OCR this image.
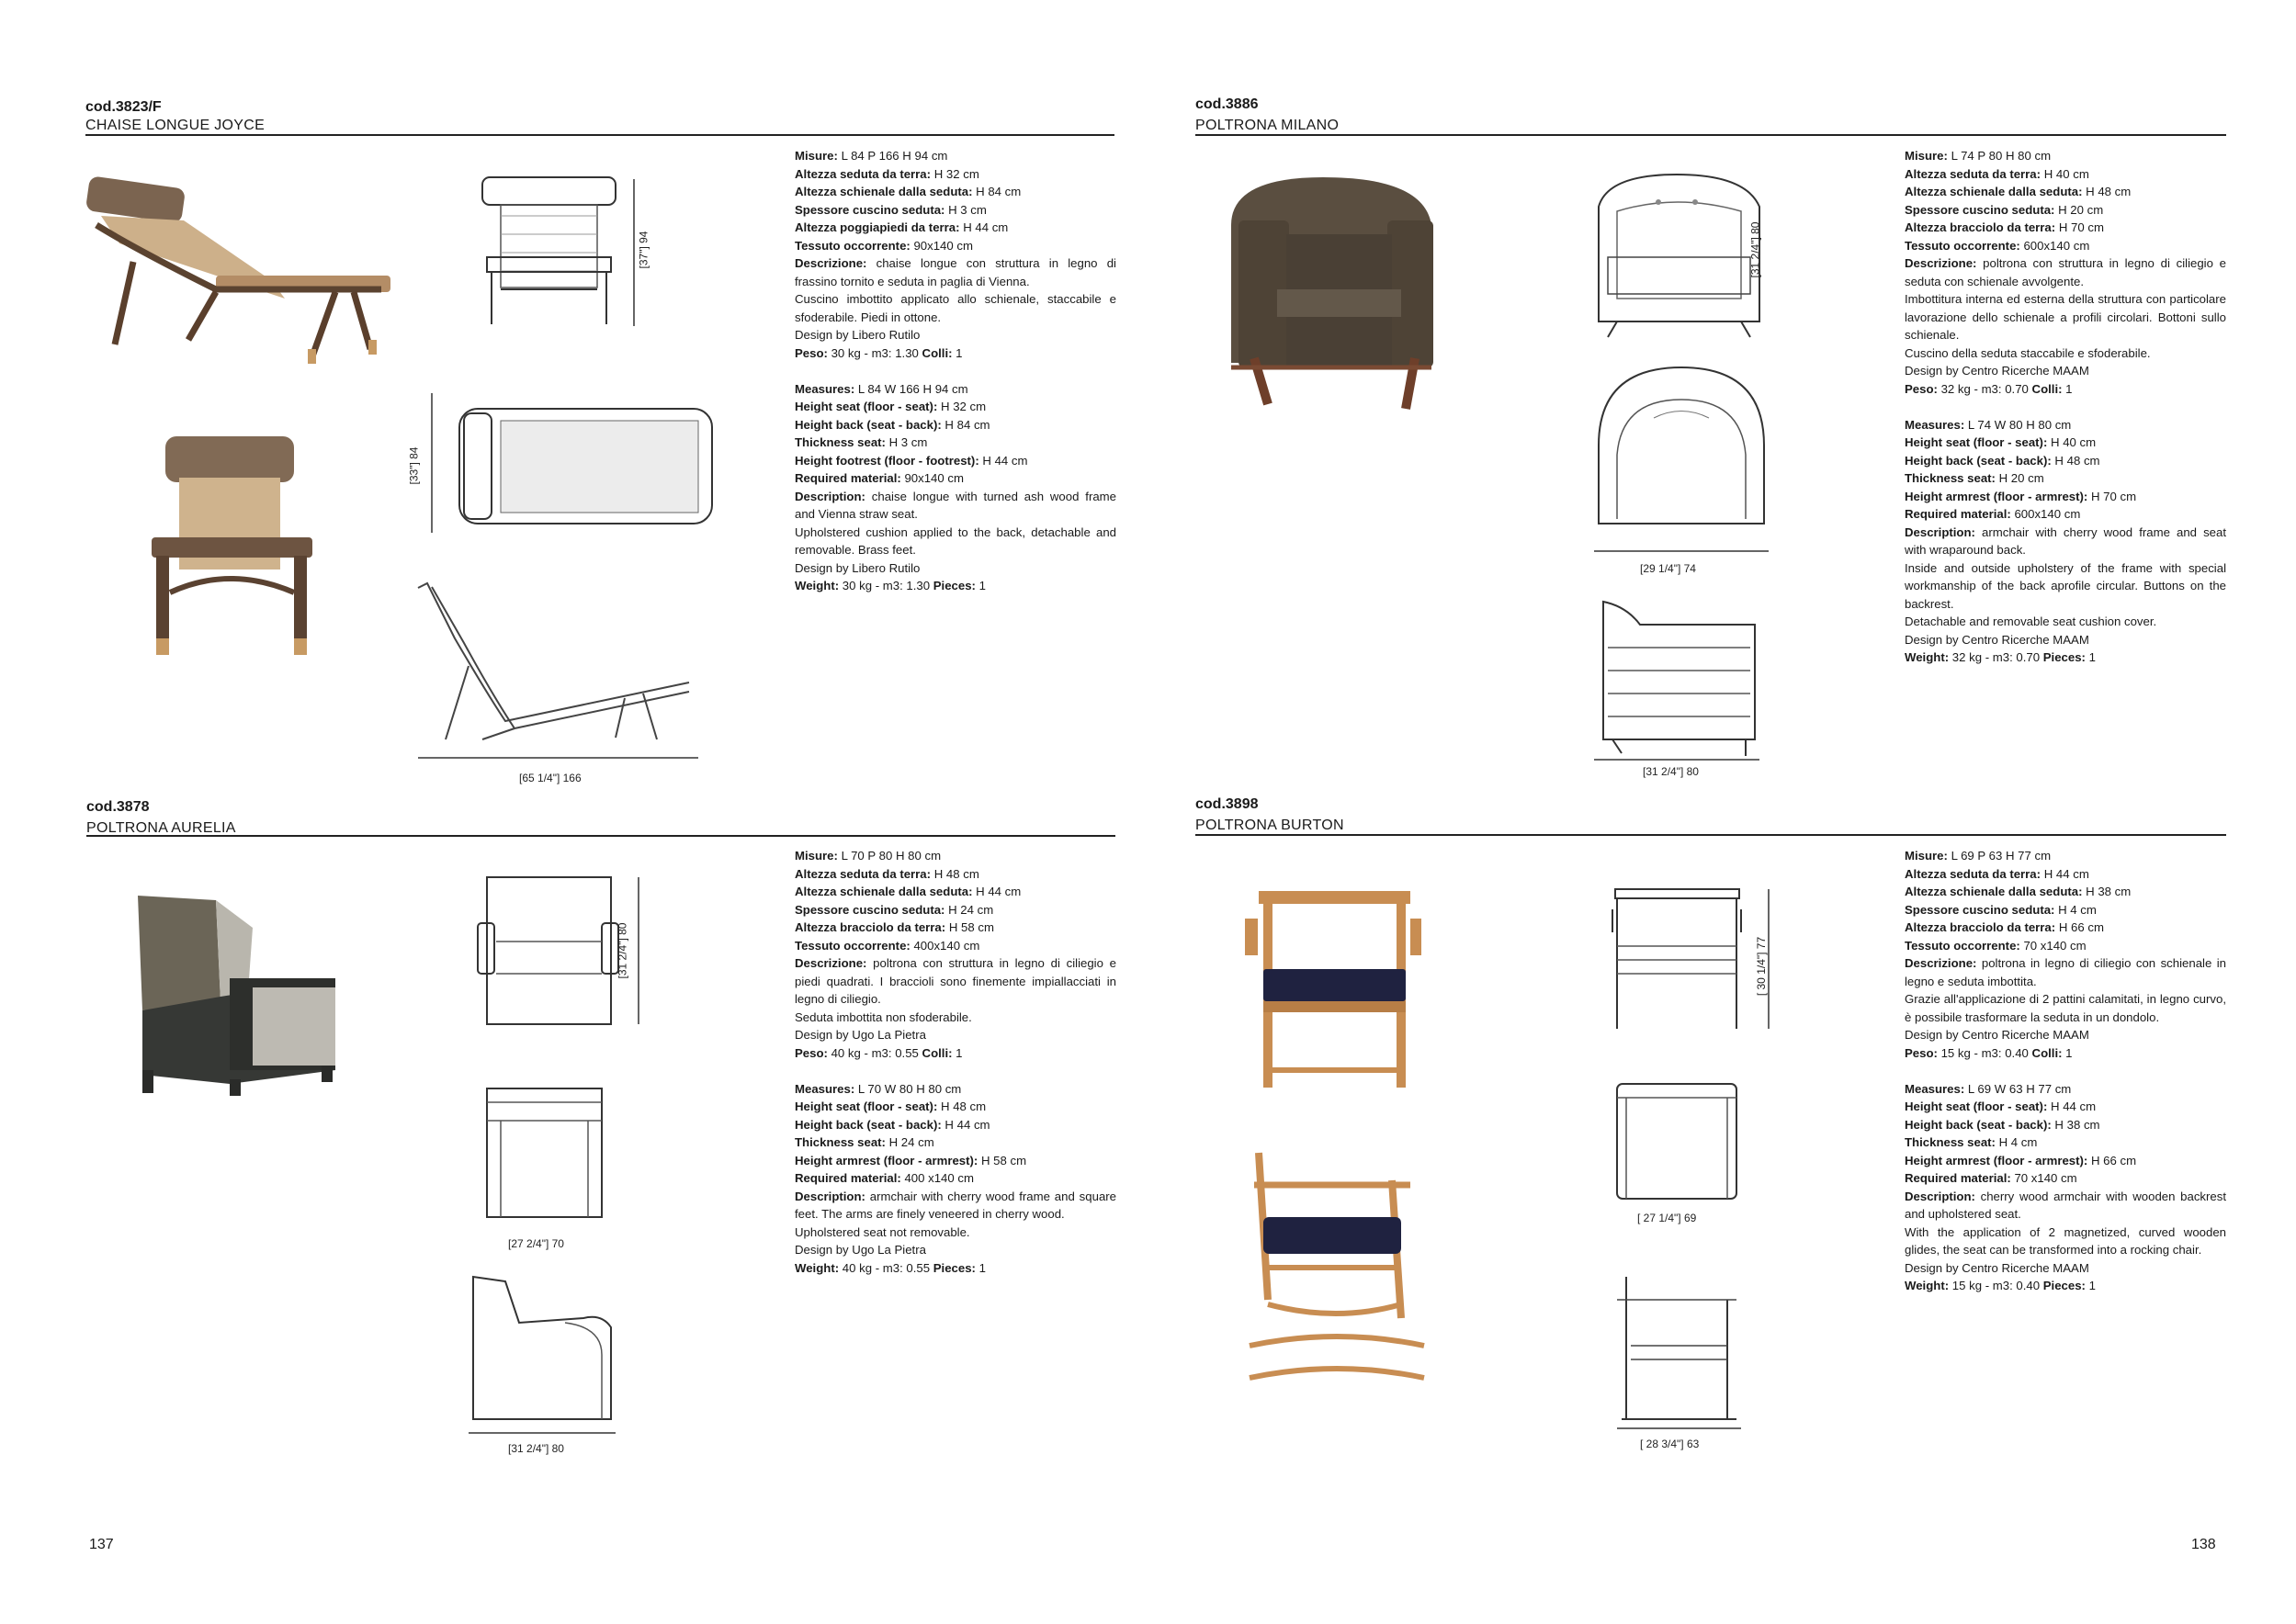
cod.3823/F
CHAISE LONGUE JOYCE
[37"] 94
[33"] 84
[65 1/4"] 166
Misure: L 84 P 166 H 94 cm
Altezza seduta da terra: H 32 cm
Altezza schienale dalla seduta: H 84 cm
Spessore cuscino seduta: H 3 cm
Altezza poggiapiedi da terra: H 44 cm
Tessuto occorrente: 90x140 cm
Descrizione: chaise longue con struttura in legno di frassino tornito e seduta in paglia di Vienna.
Cuscino imbottito applicato allo schienale, staccabile e sfoderabile. Piedi in ottone.
Design by Libero Rutilo
Peso: 30 kg - m3: 1.30 Colli: 1
Measures: L 84 W 166 H 94 cm
Height seat (floor - seat): H 32 cm
Height back (seat - back): H 84 cm
Thickness seat: H 3 cm
Height footrest (floor - footrest): H 44 cm
Required material: 90x140 cm
Description: chaise longue with turned ash wood frame and Vienna straw seat.
Upholstered cushion applied to the back, detachable and removable. Brass feet.
Design by Libero Rutilo
Weight: 30 kg - m3: 1.30 Pieces: 1
cod.3886
POLTRONA MILANO
[31 2/4"] 80
[29 1/4"] 74
[31 2/4"] 80
Misure: L 74 P 80 H 80 cm
Altezza seduta da terra: H 40 cm
Altezza schienale dalla seduta: H 48 cm
Spessore cuscino seduta: H 20 cm
Altezza bracciolo da terra: H 70 cm
Tessuto occorrente: 600x140 cm
Descrizione: poltrona con struttura in legno di ciliegio e seduta con schienale avvolgente.
Imbottitura interna ed esterna della struttura con particolare lavorazione dello schienale a profili circolari. Bottoni sullo schienale.
Cuscino della seduta staccabile e sfoderabile.
Design by Centro Ricerche MAAM
Peso: 32 kg - m3: 0.70 Colli: 1
Measures: L 74 W 80 H 80 cm
Height seat (floor - seat): H 40 cm
Height back (seat - back): H 48 cm
Thickness seat: H 20 cm
Height armrest (floor - armrest): H 70 cm
Required material: 600x140 cm
Description: armchair with cherry wood frame and seat with wraparound back.
Inside and outside upholstery of the frame with special workmanship of the back aprofile circular. Buttons on the backrest.
Detachable and removable seat cushion cover.
Design by Centro Ricerche MAAM
Weight: 32 kg - m3: 0.70 Pieces: 1
cod.3878
POLTRONA AURELIA
[31 2/4"] 80
[27 2/4"] 70
[31 2/4"] 80
Misure: L 70 P 80 H 80 cm
Altezza seduta da terra: H 48 cm
Altezza schienale dalla seduta: H 44 cm
Spessore cuscino seduta: H 24 cm
Altezza bracciolo da terra: H 58 cm
Tessuto occorrente: 400x140 cm
Descrizione: poltrona con struttura in legno di ciliegio e piedi quadrati. I braccioli sono finemente impiallacciati in legno di ciliegio.
Seduta imbottita non sfoderabile.
Design by Ugo La Pietra
Peso: 40 kg - m3: 0.55 Colli: 1
Measures: L 70 W 80 H 80 cm
Height seat (floor - seat): H 48 cm
Height back (seat - back): H 44 cm
Thickness seat: H 24 cm
Height armrest (floor - armrest): H 58 cm
Required material: 400 x140 cm
Description: armchair with cherry wood frame and square feet. The arms are finely veneered in cherry wood.
Upholstered seat not removable.
Design by Ugo La Pietra
Weight: 40 kg - m3: 0.55 Pieces: 1
cod.3898
POLTRONA BURTON
[ 30 1/4"] 77
[ 27 1/4"] 69
[ 28 3/4"] 63
Misure: L 69 P 63 H 77 cm
Altezza seduta da terra: H 44 cm
Altezza schienale dalla seduta: H 38 cm
Spessore cuscino seduta: H 4 cm
Altezza bracciolo da terra: H 66 cm
Tessuto occorrente: 70 x140 cm
Descrizione: poltrona in legno di ciliegio con schienale in legno e seduta imbottita.
Grazie all'applicazione di 2 pattini calamitati, in legno curvo, è possibile trasformare la seduta in un dondolo.
Design by Centro Ricerche MAAM
Peso: 15 kg - m3: 0.40 Colli: 1
Measures: L 69 W 63 H 77 cm
Height seat (floor - seat): H 44 cm
Height back (seat - back): H 38 cm
Thickness seat: H 4 cm
Height armrest (floor - armrest): H 66 cm
Required material: 70 x140 cm
Description: cherry wood armchair with wooden backrest and upholstered seat.
With the application of 2 magnetized, curved wooden glides, the seat can be transformed into a rocking chair.
Design by Centro Ricerche MAAM
Weight: 15 kg - m3: 0.40 Pieces: 1
137	138
